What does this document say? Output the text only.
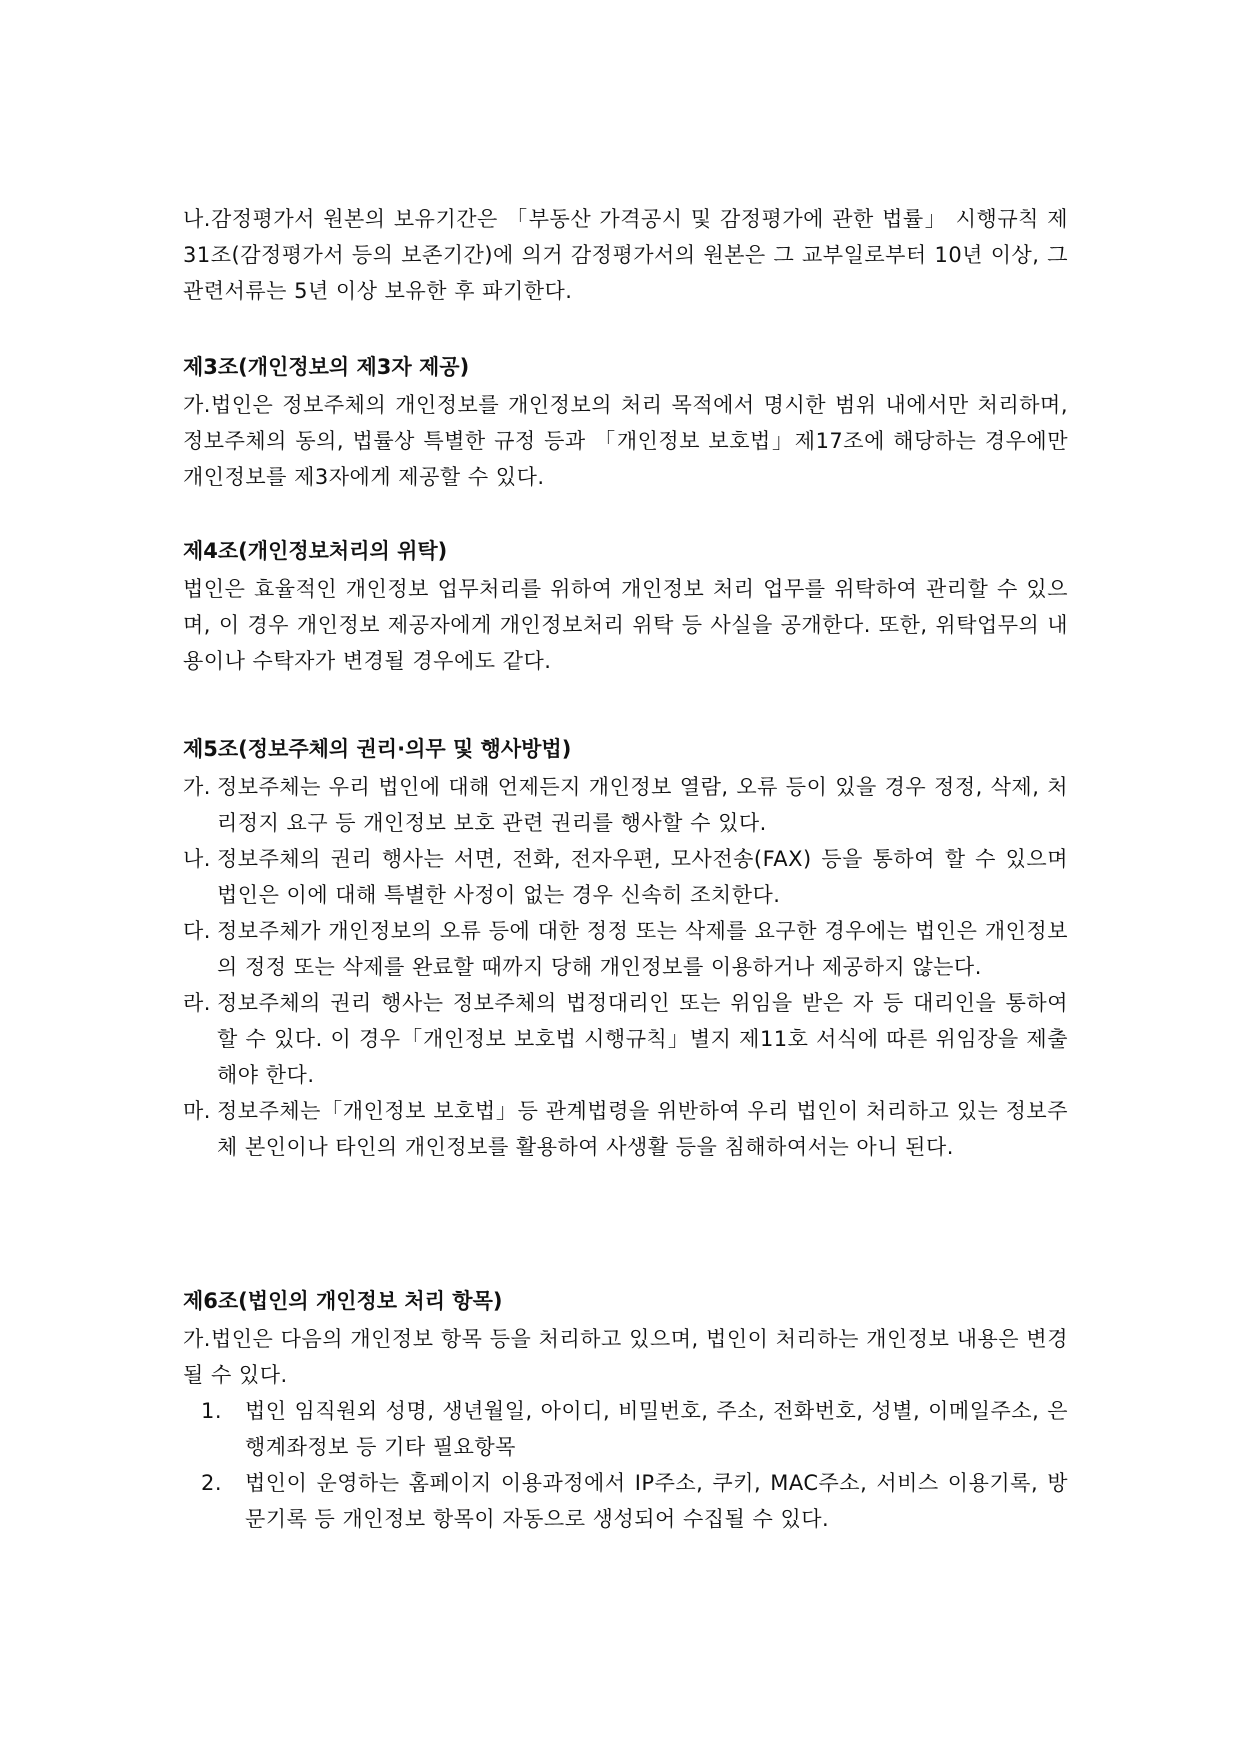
나.감정평가서 원본의 보유기간은 「부동산 가격공시 및 감정평가에 관한 법률」 시행규칙 제31조(감정평가서 등의 보존기간)에 의거 감정평가서의 원본은 그 교부일로부터 10년 이상, 그 관련서류는 5년 이상 보유한 후 파기한다.

제3조(개인정보의 제3자 제공)

가.법인은 정보주체의 개인정보를 개인정보의 처리 목적에서 명시한 범위 내에서만 처리하며, 정보주체의 동의, 법률상 특별한 규정 등과 「개인정보 보호법」제17조에 해당하는 경우에만 개인정보를 제3자에게 제공할 수 있다.

제4조(개인정보처리의 위탁)

법인은 효율적인 개인정보 업무처리를 위하여 개인정보 처리 업무를 위탁하여 관리할 수 있으며, 이 경우 개인정보 제공자에게 개인정보처리 위탁 등 사실을 공개한다. 또한, 위탁업무의 내용이나 수탁자가 변경될 경우에도 같다.

제5조(정보주체의 권리·의무 및 행사방법)
가. 정보주체는 우리 법인에 대해 언제든지 개인정보 열람, 오류 등이 있을 경우 정정, 삭제, 처리정지 요구 등 개인정보 보호 관련 권리를 행사할 수 있다.
나. 정보주체의 권리 행사는 서면, 전화, 전자우편, 모사전송(FAX) 등을 통하여 할 수 있으며 법인은 이에 대해 특별한 사정이 없는 경우 신속히 조치한다.
다. 정보주체가 개인정보의 오류 등에 대한 정정 또는 삭제를 요구한 경우에는 법인은 개인정보의 정정 또는 삭제를 완료할 때까지 당해 개인정보를 이용하거나 제공하지 않는다.
라. 정보주체의 권리 행사는 정보주체의 법정대리인 또는 위임을 받은 자 등 대리인을 통하여 할 수 있다. 이 경우「개인정보 보호법 시행규칙」별지 제11호 서식에 따른 위임장을 제출해야 한다.
마. 정보주체는「개인정보 보호법」등 관계법령을 위반하여 우리 법인이 처리하고 있는 정보주체 본인이나 타인의 개인정보를 활용하여 사생활 등을 침해하여서는 아니 된다.
제6조(법인의 개인정보 처리 항목)

가.법인은 다음의 개인정보 항목 등을 처리하고 있으며, 법인이 처리하는 개인정보 내용은 변경될 수 있다.

1. 법인 임직원외 성명, 생년월일, 아이디, 비밀번호, 주소, 전화번호, 성별, 이메일주소, 은행계좌정보 등 기타 필요항목
2. 법인이 운영하는 홈페이지 이용과정에서 IP주소, 쿠키, MAC주소, 서비스 이용기록, 방문기록 등 개인정보 항목이 자동으로 생성되어 수집될 수 있다.
